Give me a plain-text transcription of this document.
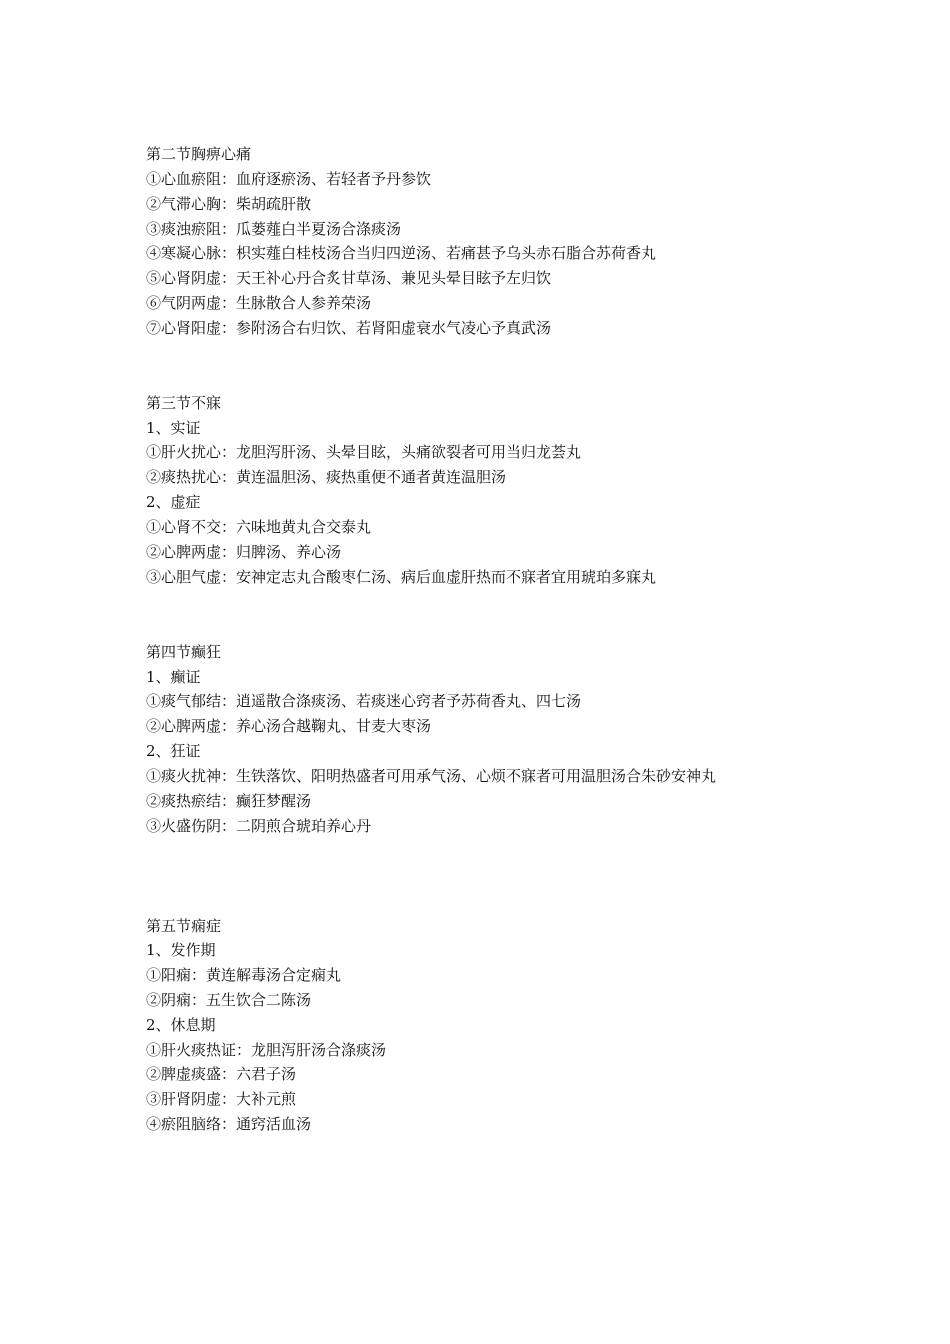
第二节胸痹心痛
①心血瘀阻：血府逐瘀汤、若轻者予丹参饮
②气滞心胸：柴胡疏肝散
③痰浊瘀阻：瓜蒌薤白半夏汤合涤痰汤
④寒凝心脉：枳实薤白桂枝汤合当归四逆汤、若痛甚予乌头赤石脂合苏荷香丸
⑤心肾阴虚：天王补心丹合炙甘草汤、兼见头晕目眩予左归饮
⑥气阴两虚：生脉散合人参养荣汤
⑦心肾阳虚：参附汤合右归饮、若肾阳虚衰水气凌心予真武汤
第三节不寐
1、实证
①肝火扰心：龙胆泻肝汤、头晕目眩，头痛欲裂者可用当归龙荟丸
②痰热扰心：黄连温胆汤、痰热重便不通者黄连温胆汤
2、虚症
①心肾不交：六味地黄丸合交泰丸
②心脾两虚：归脾汤、养心汤
③心胆气虚：安神定志丸合酸枣仁汤、病后血虚肝热而不寐者宜用琥珀多寐丸
第四节癫狂
1、癫证
①痰气郁结：逍遥散合涤痰汤、若痰迷心窍者予苏荷香丸、四七汤
②心脾两虚：养心汤合越鞠丸、甘麦大枣汤
2、狂证
①痰火扰神：生铁落饮、阳明热盛者可用承气汤、心烦不寐者可用温胆汤合朱砂安神丸
②痰热瘀结：癫狂梦醒汤
③火盛伤阴：二阴煎合琥珀养心丹
第五节痫症
1、发作期
①阳痫：黄连解毒汤合定痫丸
②阴痫：五生饮合二陈汤
2、休息期
①肝火痰热证：龙胆泻肝汤合涤痰汤
②脾虚痰盛：六君子汤
③肝肾阴虚：大补元煎
④瘀阻脑络：通窍活血汤
